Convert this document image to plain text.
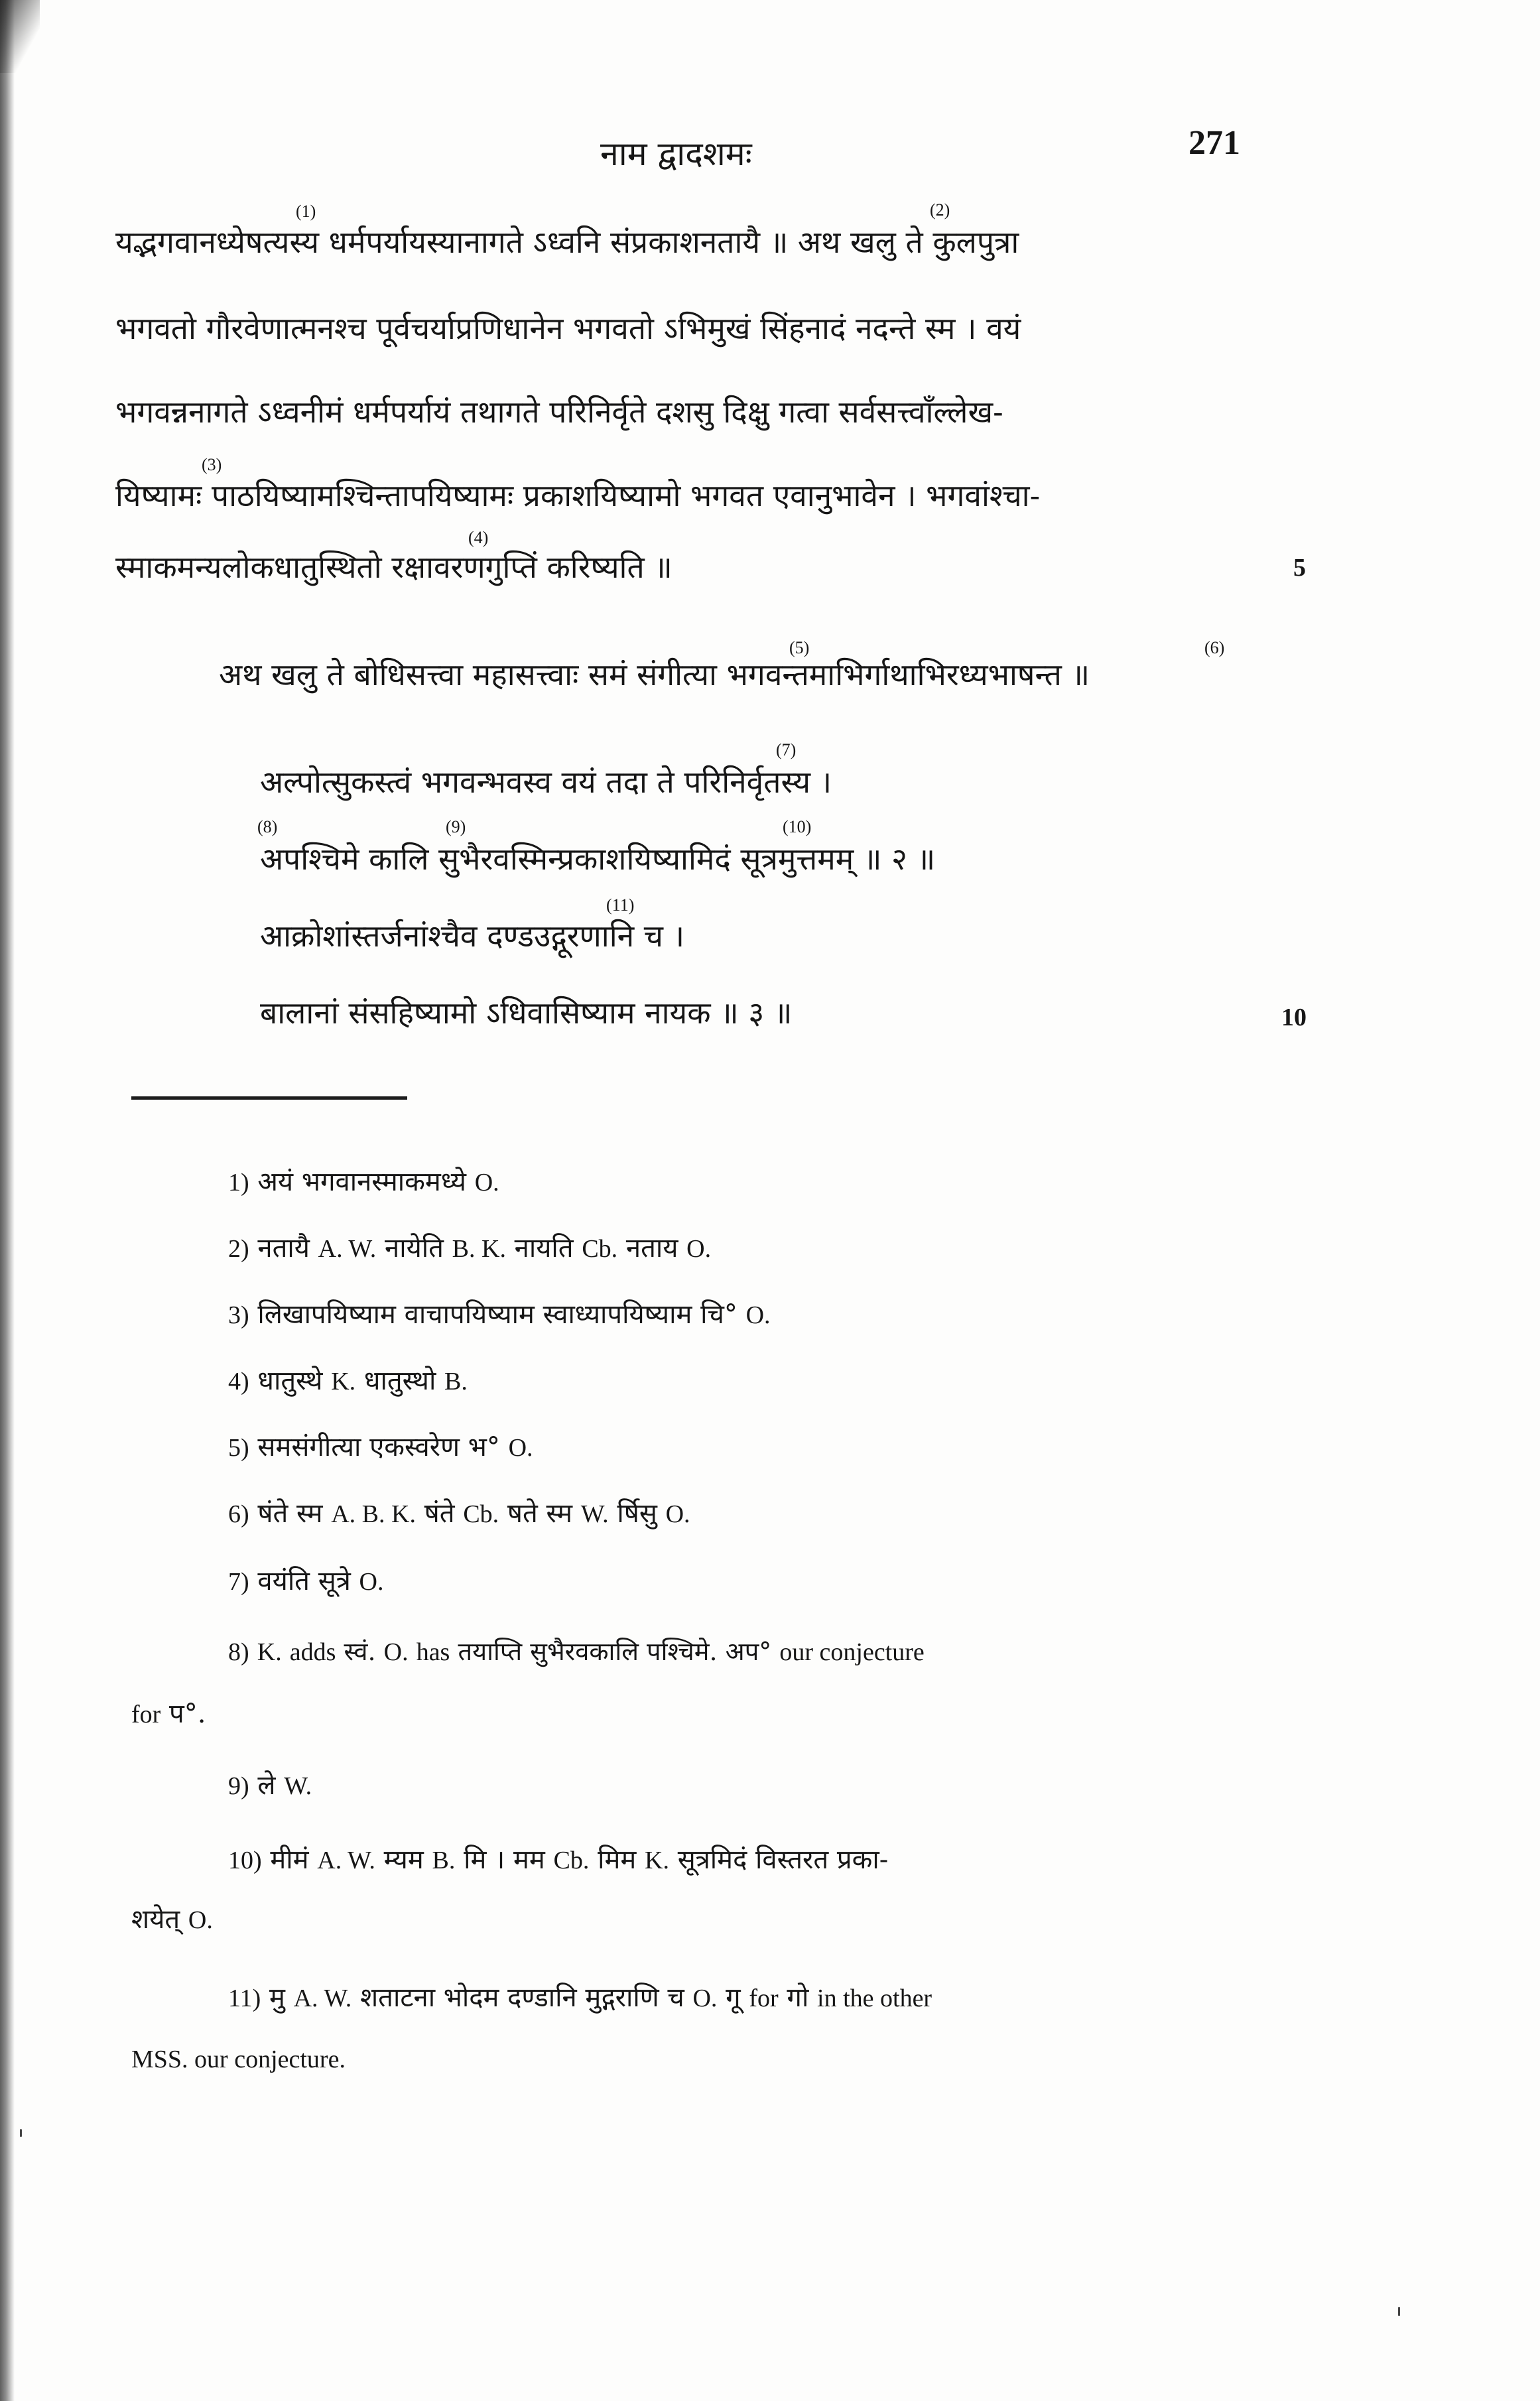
नाम द्वादशमः	271
यद्भगवानध्येषत्यस्य धर्मपर्यायस्यानागते ऽध्वनि संप्रकाशनतायै ॥ अथ खलु ते कुलपुत्रा
भगवतो गौरवेणात्मनश्च पूर्वचर्याप्रणिधानेन भगवतो ऽभिमुखं सिंहनादं नदन्ते स्म । वयं
भगवन्ननागते ऽध्वनीमं धर्मपर्यायं तथागते परिनिर्वृते दशसु दिक्षु गत्वा सर्वसत्त्वाँल्लेख-
यिष्यामः पाठयिष्यामश्चिन्तापयिष्यामः प्रकाशयिष्यामो भगवत एवानुभावेन । भगवांश्चा-
स्माकमन्यलोकधातुस्थितो रक्षावरणगुप्तिं करिष्यति ॥
अथ खलु ते बोधिसत्त्वा महासत्त्वाः समं संगीत्या भगवन्तमाभिर्गाथाभिरध्यभाषन्त ॥
अल्पोत्सुकस्त्वं भगवन्भवस्व वयं तदा ते परिनिर्वृतस्य ।
अपश्चिमे कालि सुभैरवस्मिन्प्रकाशयिष्यामिदं सूत्रमुत्तमम् ॥ २ ॥
आक्रोशांस्तर्जनांश्चैव दण्डउद्गूरणानि च ।
बालानां संसहिष्यामो ऽधिवासिष्याम नायक ॥ ३ ॥
(1)	(2)
(3)
(4)
(5)	(6)
(7)
(8)	(9)	(10)
(11)
5
10
1) अयं भगवानस्माकमध्ये O.
2) नतायै A. W. नायेति B. K. नायति Cb. नताय O.
3) लिखापयिष्याम वाचापयिष्याम स्वाध्यापयिष्याम चि° O.
4) धातुस्थे K. धातुस्थो B.
5) समसंगीत्या एकस्वरेण भ° O.
6) षंते स्म A. B. K. षंते Cb. षते स्म W. र्षिसु O.
7) वयंति सूत्रे O.
8) K. adds स्वं. O. has तयाप्ति सुभैरवकालि पश्चिमे. अप° our conjecture
for प°.
9) ले W.
10) मीमं A. W. म्यम B. मि । मम Cb. मिम K. सूत्रमिदं विस्तरत प्रका-
शयेत् O.
11) मु A. W. शताटना भोदम दण्डानि मुद्गराणि च O. गू for गो in the other
MSS. our conjecture.
